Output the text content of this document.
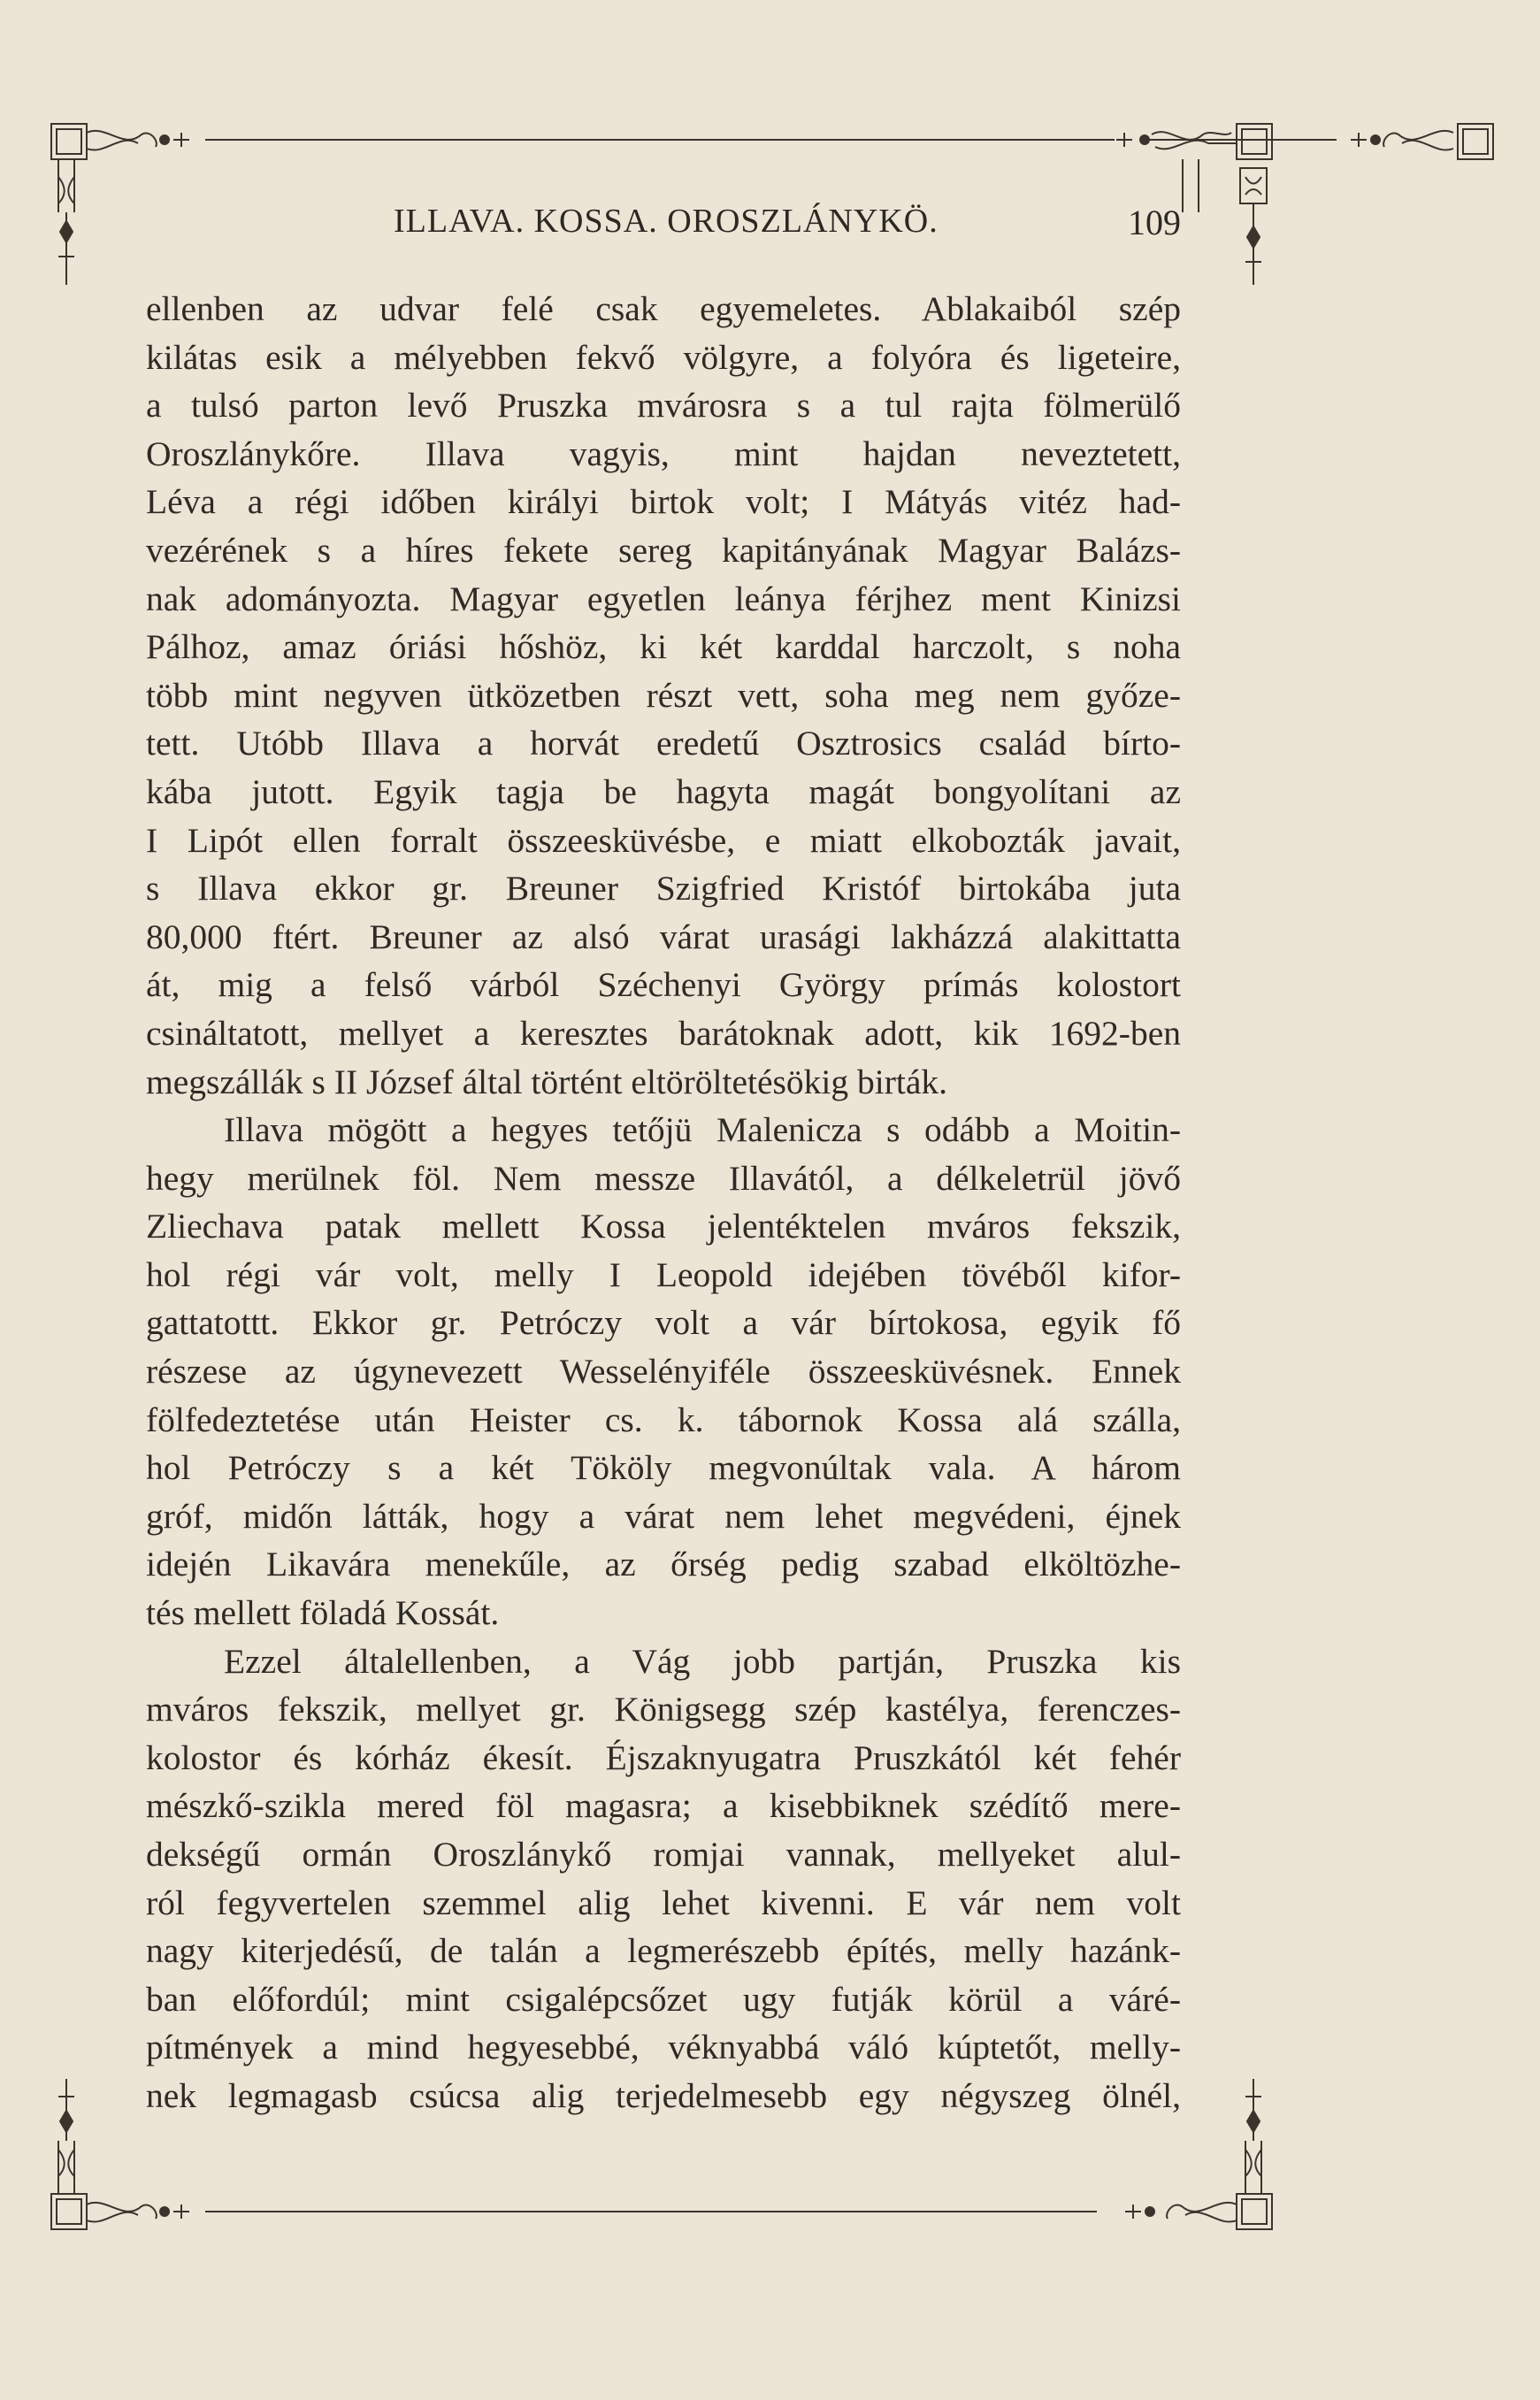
ILLAVA. KOSSA. OROSZLÁNYKÖ.	109
ellenben az udvar felé csak egyemeletes. Ablakaiból szép
kilátas esik a mélyebben fekvő völgyre, a folyóra és ligeteire,
a tulsó parton levő Pruszka mvárosra s a tul rajta fölmerülő
Oroszlánykőre. Illava vagyis, mint hajdan neveztetett,
Léva a régi időben királyi birtok volt; I Mátyás vitéz had-
vezérének s a híres fekete sereg kapitányának Magyar Balázs-
nak adományozta. Magyar egyetlen leánya férjhez ment Kinizsi
Pálhoz, amaz óriási hőshöz, ki két karddal harczolt, s noha
több mint negyven ütközetben részt vett, soha meg nem győze-
tett. Utóbb Illava a horvát eredetű Osztrosics család bírto-
kába jutott. Egyik tagja be hagyta magát bongyolítani az
I Lipót ellen forralt összeesküvésbe, e miatt elkobozták javait,
s Illava ekkor gr. Breuner Szigfried Kristóf birtokába juta
80,000 ftért. Breuner az alsó várat urasági lakházzá alakittatta
át, mig a felső várból Széchenyi György prímás kolostort
csináltatott, mellyet a keresztes barátoknak adott, kik 1692-ben
megszállák s II József által történt eltöröltetésökig birták.
Illava mögött a hegyes tetőjü Malenicza s odább a Moitin-
hegy merülnek föl. Nem messze Illavától, a délkeletrül jövő
Zliechava patak mellett Kossa jelentéktelen mváros fekszik,
hol régi vár volt, melly I Leopold idejében tövéből kifor-
gattatottt. Ekkor gr. Petróczy volt a vár bírtokosa, egyik fő
részese az úgynevezett Wesselényiféle összeesküvésnek. Ennek
fölfedeztetése után Heister cs. k. tábornok Kossa alá szálla,
hol Petróczy s a két Tököly megvonúltak vala. A három
gróf, midőn látták, hogy a várat nem lehet megvédeni, éjnek
idején Likavára menekűle, az őrség pedig szabad elköltözhe-
tés mellett föladá Kossát.
Ezzel általellenben, a Vág jobb partján, Pruszka kis
mváros fekszik, mellyet gr. Königsegg szép kastélya, ferenczes-
kolostor és kórház ékesít. Éjszaknyugatra Pruszkától két fehér
mészkő-szikla mered föl magasra; a kisebbiknek szédítő mere-
dekségű ormán Oroszlánykő romjai vannak, mellyeket alul-
ról fegyvertelen szemmel alig lehet kivenni. E vár nem volt
nagy kiterjedésű, de talán a legmerészebb építés, melly hazánk-
ban előfordúl; mint csigalépcsőzet ugy futják körül a váré-
pítmények a mind hegyesebbé, véknyabbá váló kúptetőt, melly-
nek legmagasb csúcsa alig terjedelmesebb egy négyszeg ölnél,
